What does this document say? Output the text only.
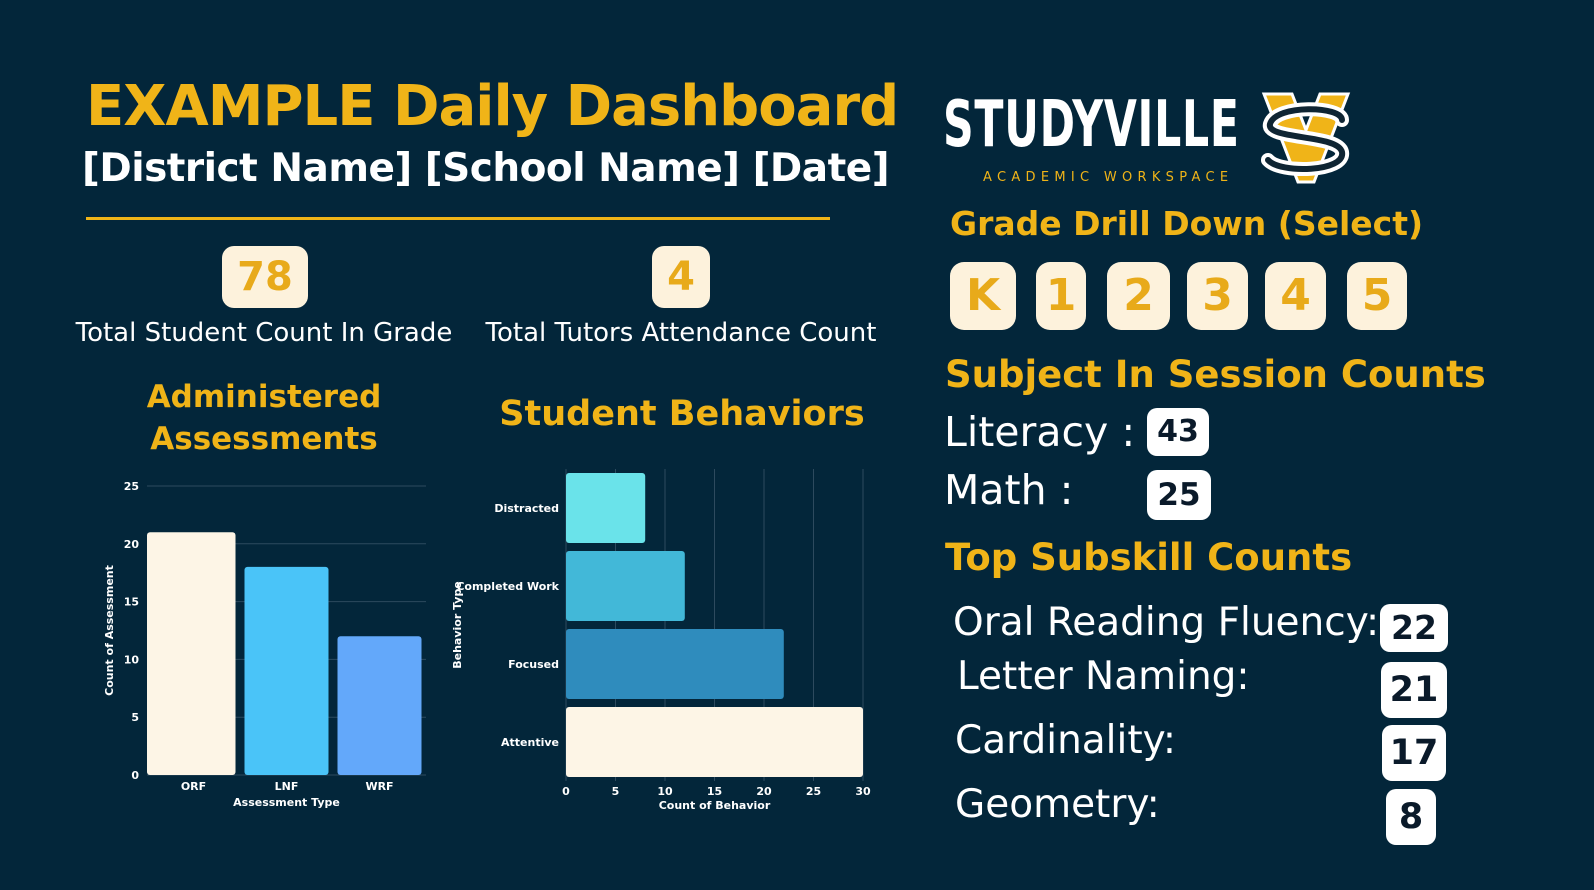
EXAMPLE Daily Dashboard
[District Name] [School Name] [Date]
78
Total Student Count In Grade
4
Total Tutors Attendance Count
Administered Assessments
Student Behaviors
0
5
10
15
20
25
ORF	LNF	WRF
Assessment Type
Count of Assessment
0	5	10	15	20	25	30
Distracted
Completed Work
Focused
Attentive
Count of Behavior
Behavior Type
STUDYVILLE
ACADEMIC WORKSPACE
SV
Grade Drill Down (Select)
K	1	2	3	4	5
Subject In Session Counts
Literacy : 43
Math :	25
Top Subskill Counts
Oral Reading Fluency: 22
Letter Naming:	21
Cardinality:	17
Geometry:	8
